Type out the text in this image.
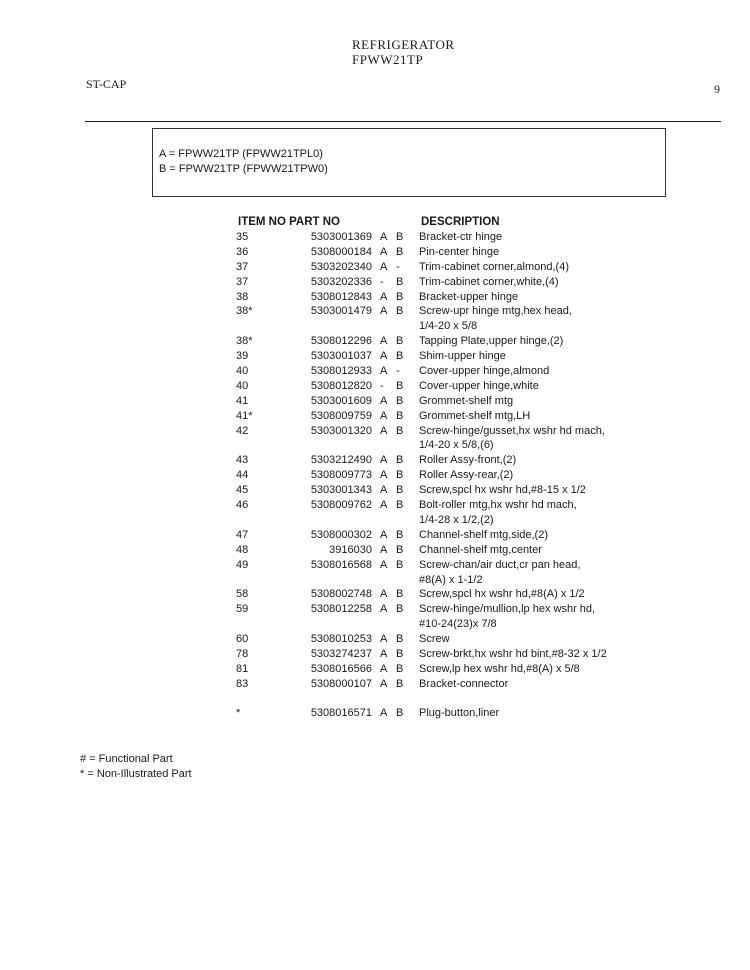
REFRIGERATOR
FPWW21TP
ST-CAP	9
A = FPWW21TP (FPWW21TPL0)
B = FPWW21TP (FPWW21TPW0)
ITEM NO PART NO	DESCRIPTION
35	5303001369 A B Bracket-ctr hinge
36	5308000184 A B Pin-center hinge
37	5303202340 A - Trim-cabinet corner,almond,(4)
37	5303202336 - B Trim-cabinet corner,white,(4)
38	5308012843 A B Bracket-upper hinge
38*	5303001479 A B Screw-upr hinge mtg,hex head,
1/4-20 x 5/8
38*	5308012296 A B Tapping Plate,upper hinge,(2)
39	5303001037 A B Shim-upper hinge
40	5308012933 A - Cover-upper hinge,almond
40	5308012820 - B Cover-upper hinge,white
41	5303001609 A B Grommet-shelf mtg
41*	5308009759 A B Grommet-shelf mtg,LH
42	5303001320 A B Screw-hinge/gusset,hx wshr hd mach,
1/4-20 x 5/8,(6)
43	5303212490 A B Roller Assy-front,(2)
44	5308009773 A B Roller Assy-rear,(2)
45	5303001343 A B Screw,spcl hx wshr hd,#8-15 x 1/2
46	5308009762 A B Bolt-roller mtg,hx wshr hd mach,
1/4-28 x 1/2,(2)
47	5308000302 A B Channel-shelf mtg,side,(2)
48	3916030 A B Channel-shelf mtg,center
49	5308016568 A B Screw-chan/air duct,cr pan head,
#8(A) x 1-1/2
58	5308002748 A B Screw,spcl hx wshr hd,#8(A) x 1/2
59	5308012258 A B Screw-hinge/mullion,lp hex wshr hd,
#10-24(23)x 7/8
60	5308010253 A B Screw
78	5303274237 A B Screw-brkt,hx wshr hd bint,#8-32 x 1/2
81	5308016566 A B Screw,lp hex wshr hd,#8(A) x 5/8
83	5308000107 A B Bracket-connector
*	5308016571 A B Plug-button,liner
# = Functional Part
* = Non-Illustrated Part
